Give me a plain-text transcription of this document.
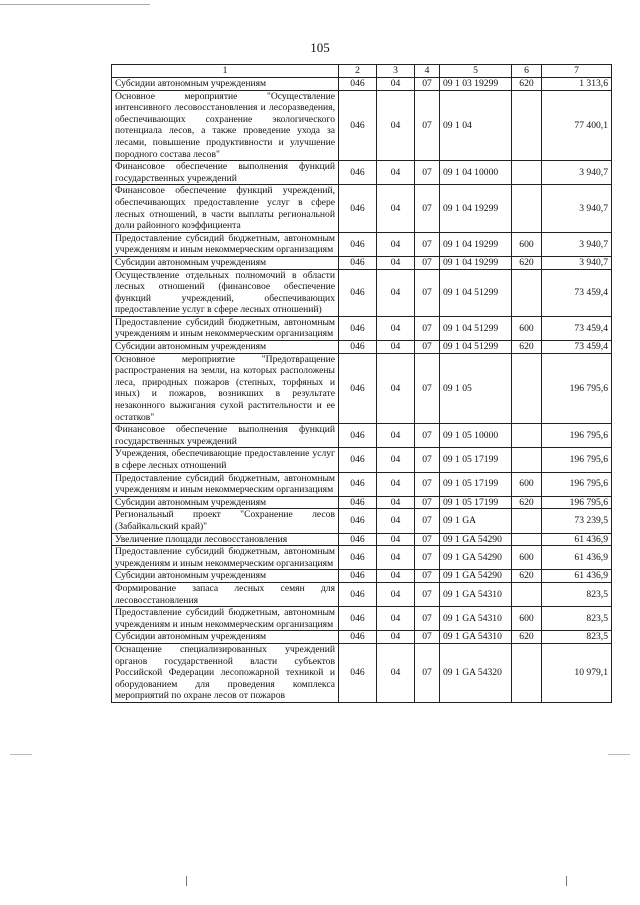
105
1	2	3	4	5	6	7
Субсидии автономным учреждениям	046	04	07	09 1 03 19299	620	1 313,6
Основное мероприятие "Осуществление интенсивного лесовосстановления и лесоразведения, обеспечивающих сохранение экологического потенциала лесов, а также проведение ухода за лесами, повышение продуктивности и улучшение породного состава лесов"	046	04	07	09 1 04		77 400,1
Финансовое обеспечение выполнения функций государственных учреждений	046	04	07	09 1 04 10000		3 940,7
Финансовое обеспечение функций учреждений, обеспечивающих предоставление услуг в сфере лесных отношений, в части выплаты региональной доли районного коэффициента	046	04	07	09 1 04 19299		3 940,7
Предоставление субсидий бюджетным, автономным учреждениям и иным некоммерческим организациям	046	04	07	09 1 04 19299	600	3 940,7
Субсидии автономным учреждениям	046	04	07	09 1 04 19299	620	3 940,7
Осуществление отдельных полномочий в области лесных отношений (финансовое обеспечение функций учреждений, обеспечивающих предоставление услуг в сфере лесных отношений)	046	04	07	09 1 04 51299		73 459,4
Предоставление субсидий бюджетным, автономным учреждениям и иным некоммерческим организациям	046	04	07	09 1 04 51299	600	73 459,4
Субсидии автономным учреждениям	046	04	07	09 1 04 51299	620	73 459,4
Основное мероприятие "Предотвращение распространения на земли, на которых расположены леса, природных пожаров (степных, торфяных и иных) и пожаров, возникших в результате незаконного выжигания сухой растительности и ее остатков"	046	04	07	09 1 05		196 795,6
Финансовое обеспечение выполнения функций государственных учреждений	046	04	07	09 1 05 10000		196 795,6
Учреждения, обеспечивающие предоставление услуг в сфере лесных отношений	046	04	07	09 1 05 17199		196 795,6
Предоставление субсидий бюджетным, автономным учреждениям и иным некоммерческим организациям	046	04	07	09 1 05 17199	600	196 795,6
Субсидии автономным учреждениям	046	04	07	09 1 05 17199	620	196 795,6
Региональный проект "Сохранение лесов (Забайкальский край)"	046	04	07	09 1 GA		73 239,5
Увеличение площади лесовосстановления	046	04	07	09 1 GA 54290		61 436,9
Предоставление субсидий бюджетным, автономным учреждениям и иным некоммерческим организациям	046	04	07	09 1 GA 54290	600	61 436,9
Субсидии автономным учреждениям	046	04	07	09 1 GA 54290	620	61 436,9
Формирование запаса лесных семян для лесовосстановления	046	04	07	09 1 GA 54310		823,5
Предоставление субсидий бюджетным, автономным учреждениям и иным некоммерческим организациям	046	04	07	09 1 GA 54310	600	823,5
Субсидии автономным учреждениям	046	04	07	09 1 GA 54310	620	823,5
Оснащение специализированных учреждений органов государственной власти субъектов Российской Федерации лесопожарной техникой и оборудованием для проведения комплекса мероприятий по охране лесов от пожаров	046	04	07	09 1 GA 54320		10 979,1
